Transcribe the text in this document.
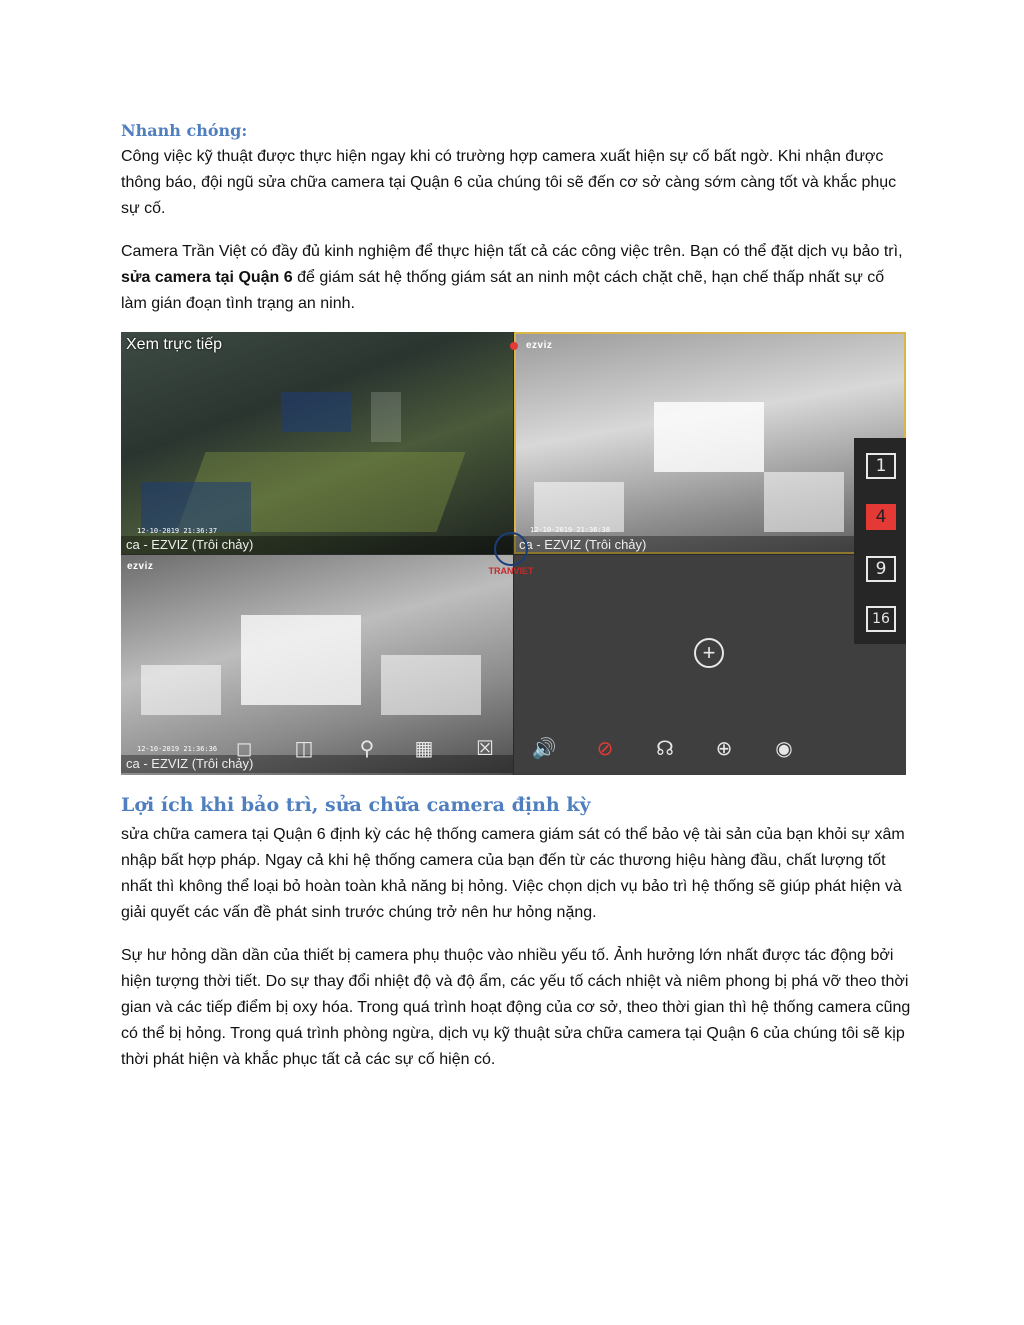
Nhanh chóng:

Công việc kỹ thuật được thực hiện ngay khi có trường hợp camera xuất hiện sự cố bất ngờ. Khi nhận được thông báo, đội ngũ sửa chữa camera tại Quận 6 của chúng tôi sẽ đến cơ sở càng sớm càng tốt và khắc phục sự cố.

Camera Trần Việt có đầy đủ kinh nghiệm để thực hiện tất cả các công việc trên. Bạn có thể đặt dịch vụ bảo trì, sửa camera tại Quận 6 để giám sát hệ thống giám sát an ninh một cách chặt chẽ, hạn chế thấp nhất sự cố làm gián đoạn tình trạng an ninh.

Xem trực tiếp
12-10-2019 21:36:37
ca - EZVIZ (Trôi chảy)
ezviz
12-10-2019 21:36:38
ca - EZVIZ (Trôi chảy)
ezviz
12-10-2019 21:36:36
ca - EZVIZ (Trôi chảy)
+
1
4
9
16
TRANVIET
◻ ◫	⚲	▦ ☒ 🔊 ⊘ ☊ ⊕ ◉
Lợi ích khi bảo trì, sửa chữa camera định kỳ

sửa chữa camera tại Quận 6 định kỳ các hệ thống camera giám sát có thể bảo vệ tài sản của bạn khỏi sự xâm nhập bất hợp pháp. Ngay cả khi hệ thống camera của bạn đến từ các thương hiệu hàng đầu, chất lượng tốt nhất thì không thể loại bỏ hoàn toàn khả năng bị hỏng. Việc chọn dịch vụ bảo trì hệ thống sẽ giúp phát hiện và giải quyết các vấn đề phát sinh trước chúng trở nên hư hỏng nặng.

Sự hư hỏng dần dần của thiết bị camera phụ thuộc vào nhiều yếu tố. Ảnh hưởng lớn nhất được tác động bởi hiện tượng thời tiết. Do sự thay đổi nhiệt độ và độ ẩm, các yếu tố cách nhiệt và niêm phong bị phá vỡ theo thời gian và các tiếp điểm bị oxy hóa. Trong quá trình hoạt động của cơ sở, theo thời gian thì hệ thống camera cũng có thể bị hỏng. Trong quá trình phòng ngừa, dịch vụ kỹ thuật sửa chữa camera tại Quận 6 của chúng tôi sẽ kịp thời phát hiện và khắc phục tất cả các sự cố hiện có.
